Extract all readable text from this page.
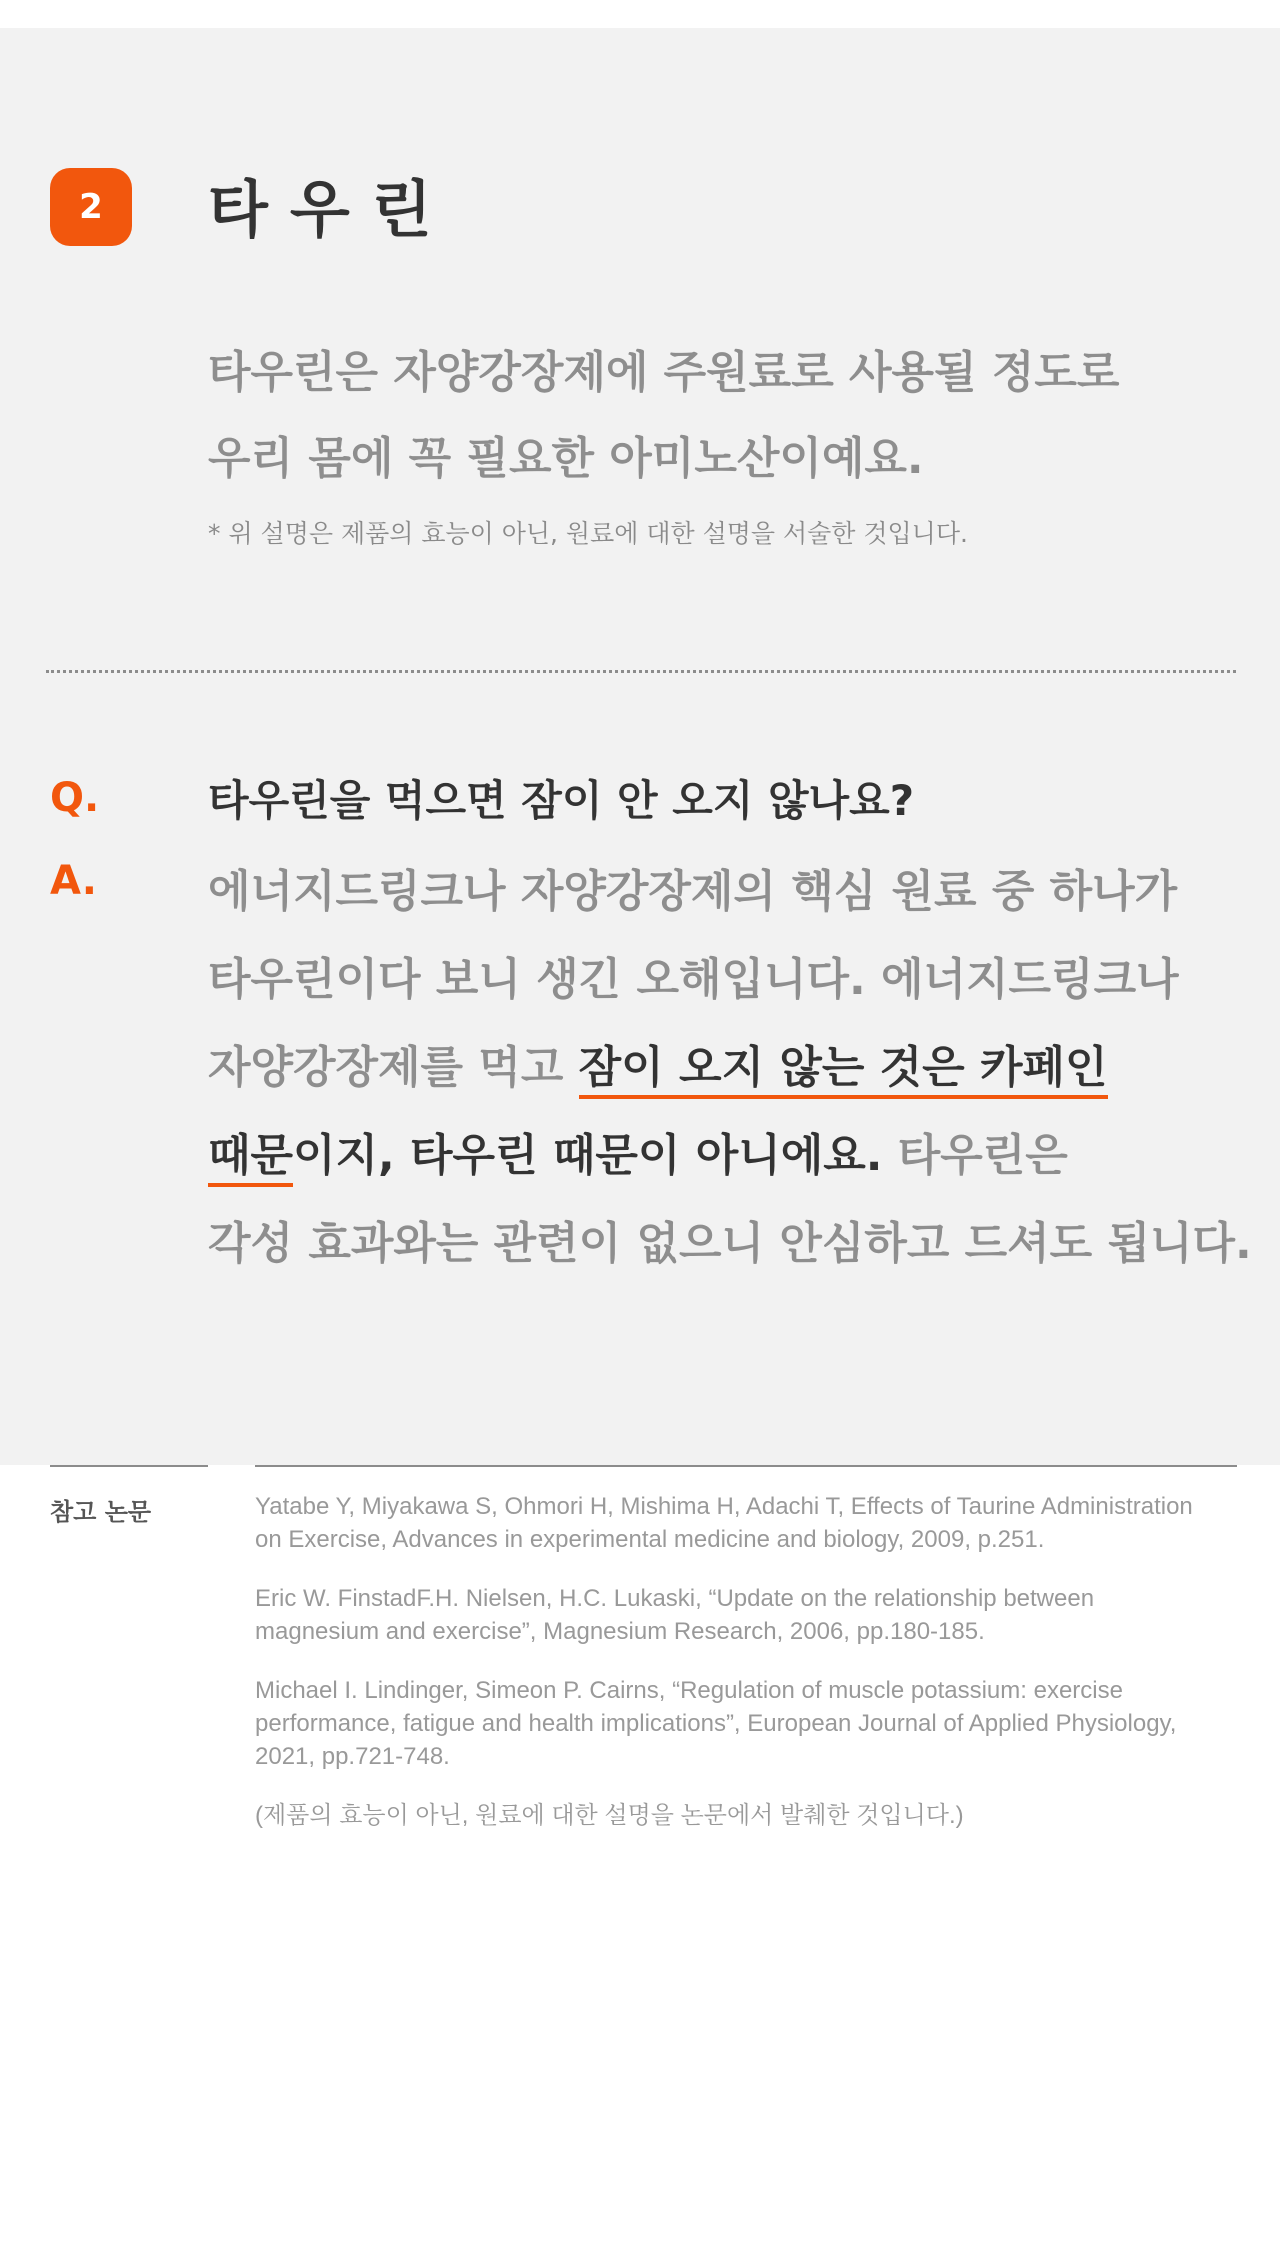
2	타우린
타우린은 자양강장제에 주원료로 사용될 정도로
우리 몸에 꼭 필요한 아미노산이예요.
* 위 설명은 제품의 효능이 아닌, 원료에 대한 설명을 서술한 것입니다.
Q.	타우린을 먹으면 잠이 안 오지 않나요?
A.	에너지드링크나 자양강장제의 핵심 원료 중 하나가
타우린이다 보니 생긴 오해입니다. 에너지드링크나
자양강장제를 먹고 잠이 오지 않는 것은 카페인
때문이지, 타우린 때문이 아니에요. 타우린은
각성 효과와는 관련이 없으니 안심하고 드셔도 됩니다.
참고 논문	Yatabe Y, Miyakawa S, Ohmori H, Mishima H, Adachi T, Effects of Taurine Administration on Exercise, Advances in experimental medicine and biology, 2009, p.251.
Eric W. FinstadF.H. Nielsen, H.C. Lukaski, “Update on the relationship between magnesium and exercise”, Magnesium Research, 2006, pp.180-185.
Michael I. Lindinger, Simeon P. Cairns, “Regulation of muscle potassium: exercise performance, fatigue and health implications”, European Journal of Applied Physiology, 2021, pp.721-748.
(제품의 효능이 아닌, 원료에 대한 설명을 논문에서 발췌한 것입니다.)
